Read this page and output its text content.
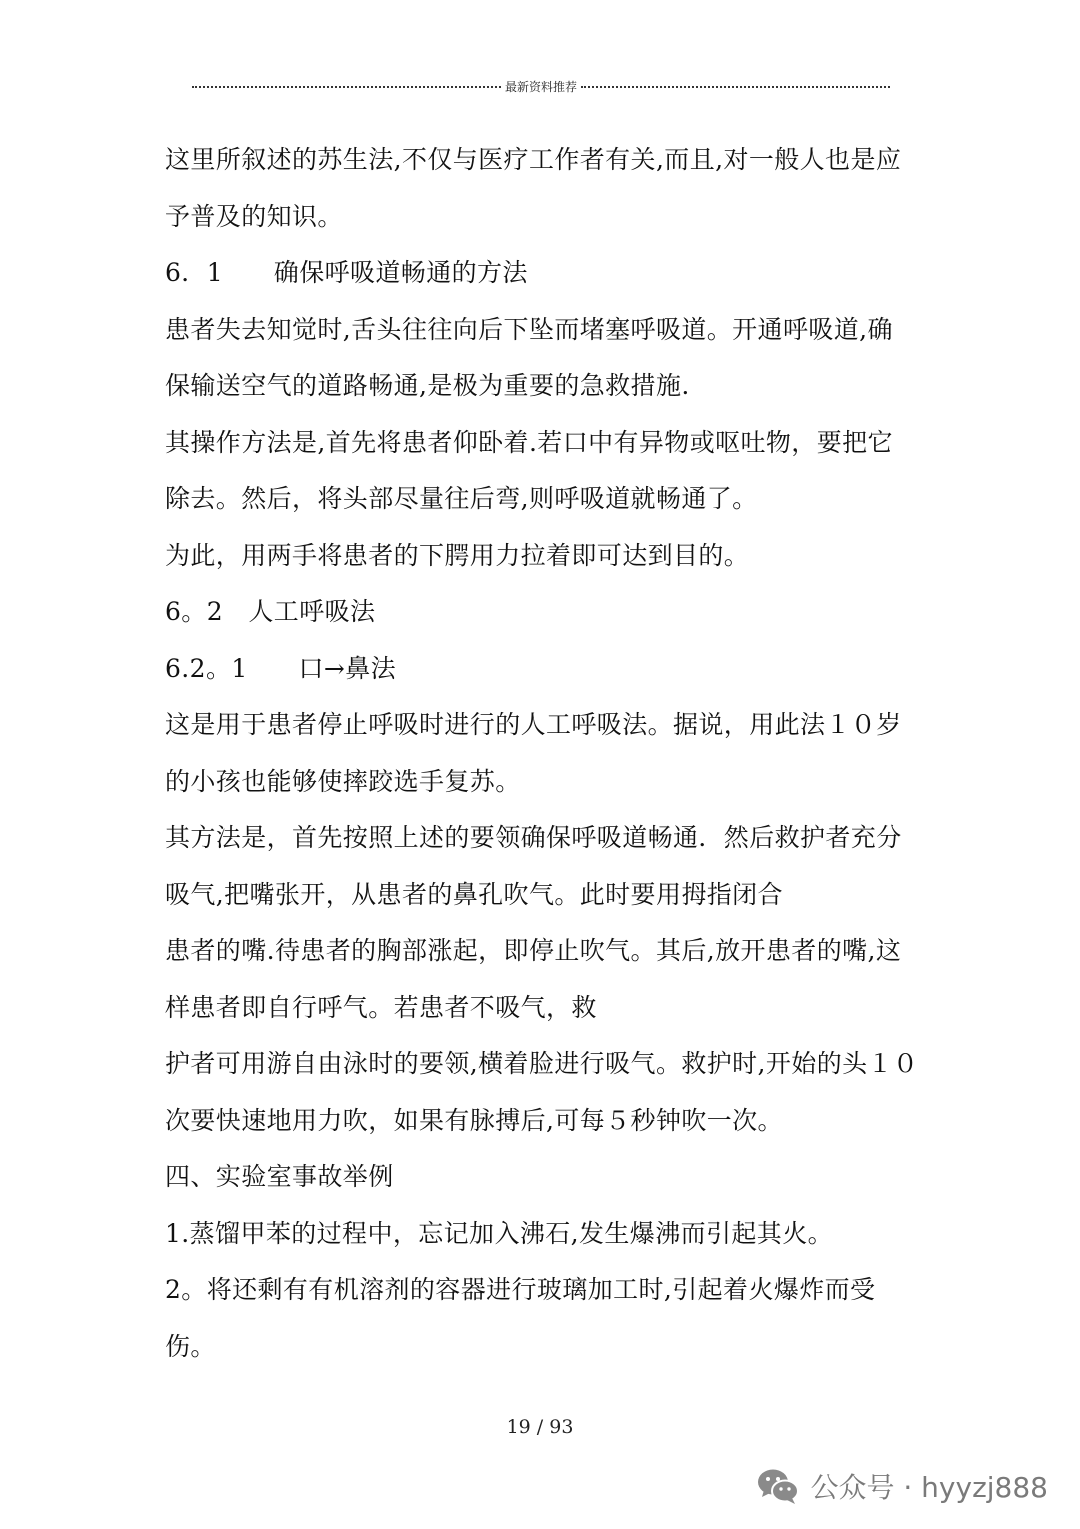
最新资料推荐
这里所叙述的苏生法,不仅与医疗工作者有关,而且,对一般人也是应
予普及的知识。
6．1　　确保呼吸道畅通的方法
患者失去知觉时,舌头往往向后下坠而堵塞呼吸道。开通呼吸道,确
保输送空气的道路畅通,是极为重要的急救措施.
其操作方法是,首先将患者仰卧着.若口中有异物或呕吐物，要把它
除去。然后，将头部尽量往后弯,则呼吸道就畅通了。
为此，用两手将患者的下腭用力拉着即可达到目的。
6。2　人工呼吸法
6.2。1　　口→鼻法
这是用于患者停止呼吸时进行的人工呼吸法。据说，用此法１０岁
的小孩也能够使摔跤选手复苏。
其方法是，首先按照上述的要领确保呼吸道畅通．然后救护者充分
吸气,把嘴张开，从患者的鼻孔吹气。此时要用拇指闭合
患者的嘴.待患者的胸部涨起，即停止吹气。其后,放开患者的嘴,这
样患者即自行呼气。若患者不吸气，救
护者可用游自由泳时的要领,横着脸进行吸气。救护时,开始的头１０
次要快速地用力吹，如果有脉搏后,可每５秒钟吹一次。
四、实验室事故举例
1.蒸馏甲苯的过程中，忘记加入沸石,发生爆沸而引起其火。
2。将还剩有有机溶剂的容器进行玻璃加工时,引起着火爆炸而受
伤。
19 / 93
公众号 · hyyzj888
